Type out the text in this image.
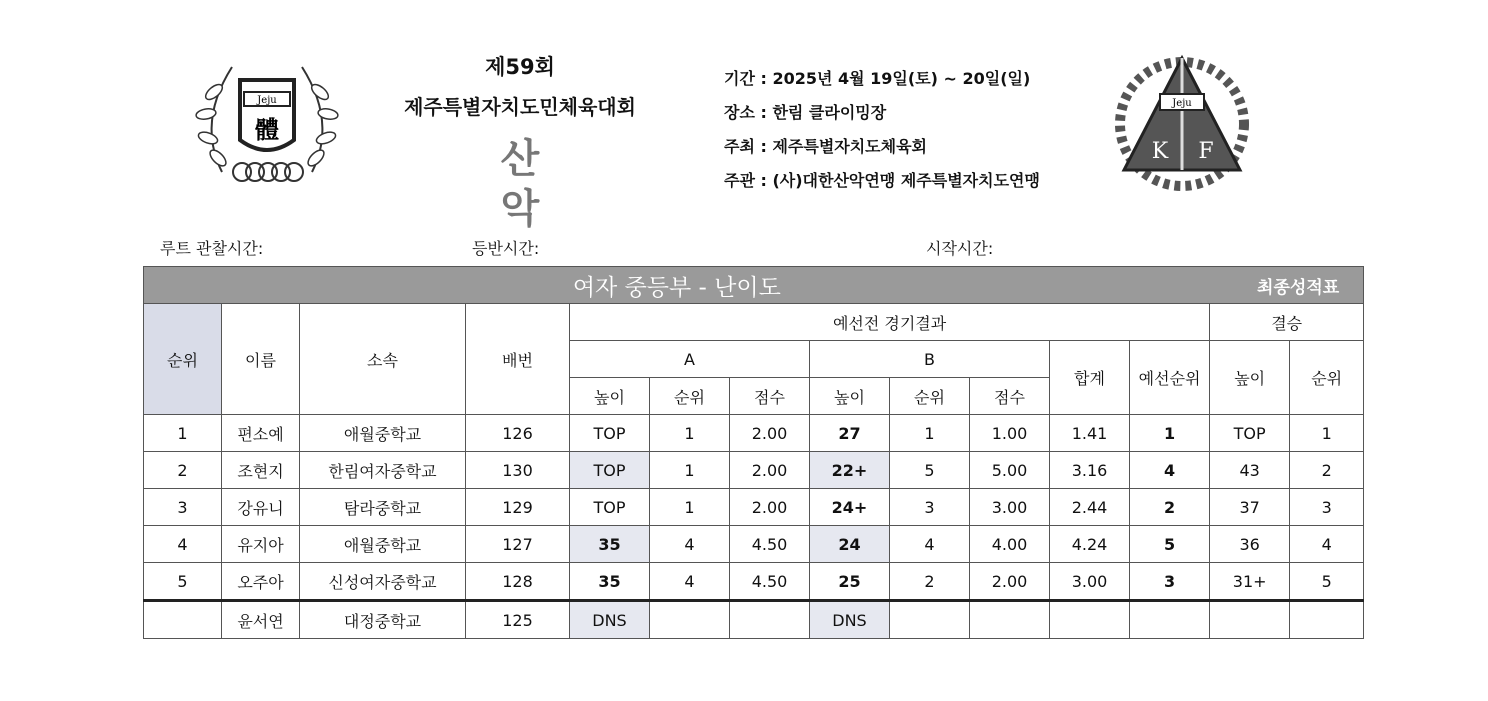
Jeju
體
제59회
제주특별자치도민체육대회
산 악
기간 : 2025년 4월 19일(토) ~ 20일(일)
장소 : 한림 클라이밍장
주최 : 제주특별자치도체육회
주관 : (사)대한산악연맹 제주특별자치도연맹
Jeju
K F
루트 관찰시간:	등반시간:	시작시간:
여자 중등부 - 난이도												최종성적표	
순위	이름	소속	배번	예선전 경기결과								결승	
				A			B			합계	예선순위	높이	순위
				높이	순위	점수	높이	순위	점수				
1	편소예	애월중학교	126	TOP	1	2.00	27	1	1.00	1.41	1	TOP	1
2	조현지	한림여자중학교	130	TOP	1	2.00	22+	5	5.00	3.16	4	43	2
3	강유니	탐라중학교	129	TOP	1	2.00	24+	3	3.00	2.44	2	37	3
4	유지아	애월중학교	127	35	4	4.50	24	4	4.00	4.24	5	36	4
5	오주아	신성여자중학교	128	35	4	4.50	25	2	2.00	3.00	3	31+	5
	윤서연	대정중학교	125	DNS			DNS						
